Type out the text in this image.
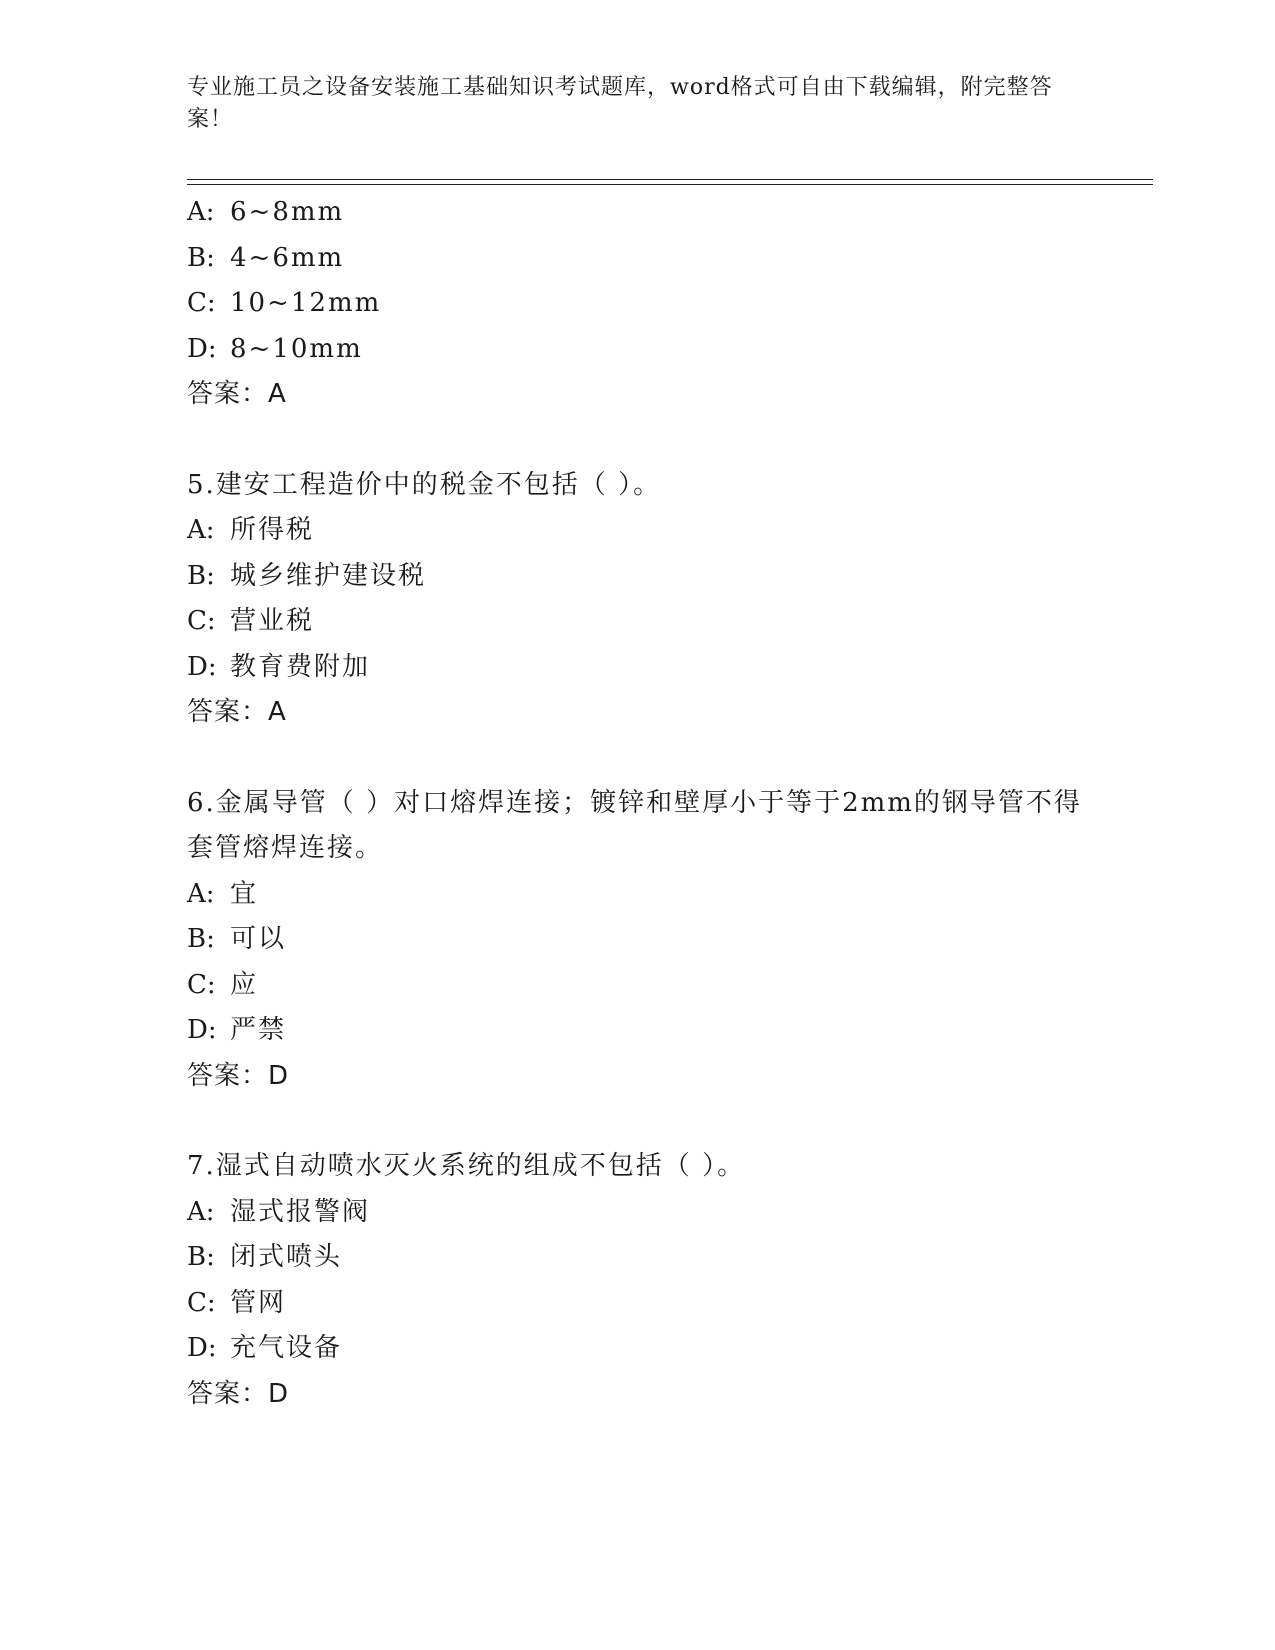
专业施工员之设备安装施工基础知识考试题库，word格式可自由下载编辑，附完整答案！
A: 6~8mm
B: 4~6mm
C: 10~12mm
D: 8~10mm
答案：A
5.建安工程造价中的税金不包括（ ）。
A: 所得税
B: 城乡维护建设税
C: 营业税
D: 教育费附加
答案：A
6.金属导管（ ）对口熔焊连接；镀锌和壁厚小于等于2mm的钢导管不得套管熔焊连接。
A: 宜
B: 可以
C: 应
D: 严禁
答案：D
7.湿式自动喷水灭火系统的组成不包括（ ）。
A: 湿式报警阀
B: 闭式喷头
C: 管网
D: 充气设备
答案：D
